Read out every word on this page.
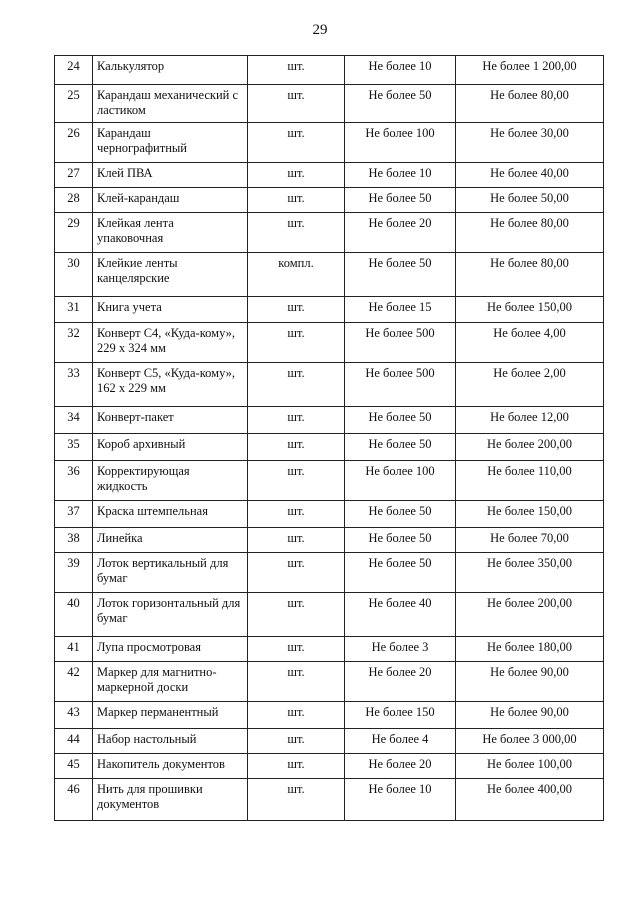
29
24	Калькулятор	шт.	Не более 10	Не более 1 200,00
25	Карандаш механический с ластиком	шт.	Не более 50	Не более 80,00
26	Карандаш чернографитный	шт.	Не более 100	Не более 30,00
27	Клей ПВА	шт.	Не более 10	Не более 40,00
28	Клей-карандаш	шт.	Не более 50	Не более 50,00
29	Клейкая лента упаковочная	шт.	Не более 20	Не более 80,00
30	Клейкие ленты канцелярские	компл.	Не более 50	Не более 80,00
31	Книга учета	шт.	Не более 15	Не более 150,00
32	Конверт С4, «Куда-кому», 229 х 324 мм	шт.	Не более 500	Не более 4,00
33	Конверт С5, «Куда-кому», 162 х 229 мм	шт.	Не более 500	Не более 2,00
34	Конверт-пакет	шт.	Не более 50	Не более 12,00
35	Короб архивный	шт.	Не более 50	Не более 200,00
36	Корректирующая жидкость	шт.	Не более 100	Не более 110,00
37	Краска штемпельная	шт.	Не более 50	Не более 150,00
38	Линейка	шт.	Не более 50	Не более 70,00
39	Лоток вертикальный для бумаг	шт.	Не более 50	Не более 350,00
40	Лоток горизонтальный для бумаг	шт.	Не более 40	Не более 200,00
41	Лупа просмотровая	шт.	Не более 3	Не более 180,00
42	Маркер для магнитно-маркерной доски	шт.	Не более 20	Не более 90,00
43	Маркер перманентный	шт.	Не более 150	Не более 90,00
44	Набор настольный	шт.	Не более 4	Не более 3 000,00
45	Накопитель документов	шт.	Не более 20	Не более 100,00
46	Нить для прошивки документов	шт.	Не более 10	Не более 400,00
